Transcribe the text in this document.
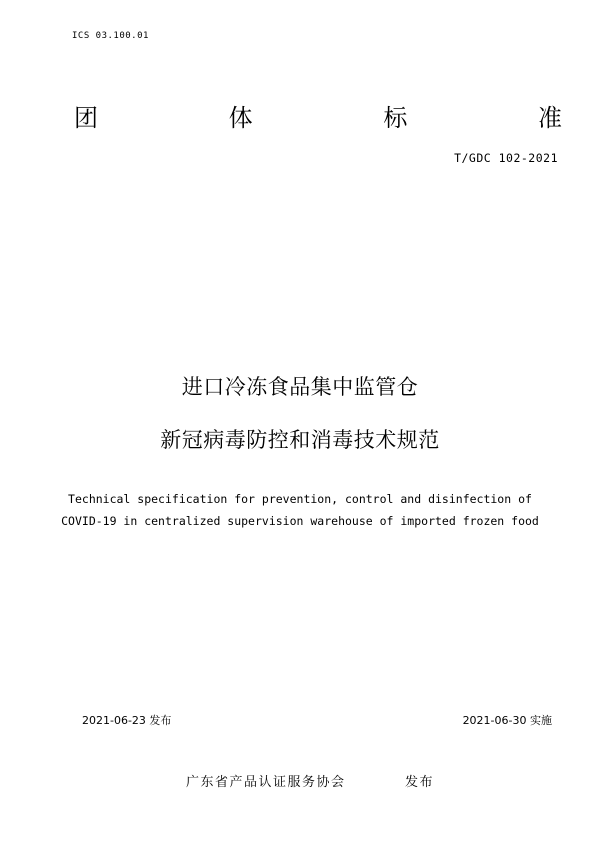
ICS 03.100.01
团	体	标	准
T/GDC 102-2021
进口冷冻食品集中监管仓
新冠病毒防控和消毒技术规范
Technical specification for prevention, control and disinfection of
COVID-19 in centralized supervision warehouse of imported frozen food
2021-06-23 发布	2021-06-30 实施
广东省产品认证服务协会	发布
